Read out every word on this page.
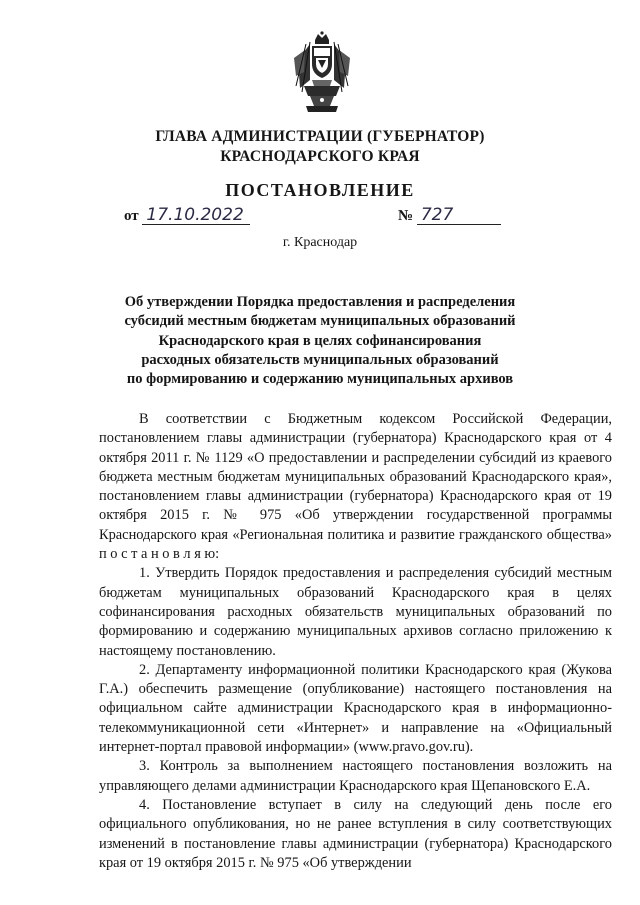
ГЛАВА АДМИНИСТРАЦИИ (ГУБЕРНАТОР)
КРАСНОДАРСКОГО КРАЯ
ПОСТАНОВЛЕНИЕ
от 17.10.2022	№ 727
г. Краснодар
Об утверждении Порядка предоставления и распределения
субсидий местным бюджетам муниципальных образований
Краснодарского края в целях софинансирования
расходных обязательств муниципальных образований
по формированию и содержанию муниципальных архивов

В соответствии с Бюджетным кодексом Российской Федерации, постановлением главы администрации (губернатора) Краснодарского края от 4 октября 2011 г. № 1129 «О предоставлении и распределении субсидий из краевого бюджета местным бюджетам муниципальных образований Краснодарского края», постановлением главы администрации (губернатора) Краснодарского края от 19 октября 2015 г. № 975 «Об утверждении государственной программы Краснодарского края «Региональная политика и развитие гражданского общества» п о с т а н о в л я ю:

1. Утвердить Порядок предоставления и распределения субсидий местным бюджетам муниципальных образований Краснодарского края в целях софинансирования расходных обязательств муниципальных образований по формированию и содержанию муниципальных архивов согласно приложению к настоящему постановлению.

2. Департаменту информационной политики Краснодарского края (Жукова Г.А.) обеспечить размещение (опубликование) настоящего постановления на официальном сайте администрации Краснодарского края в информационно-телекоммуникационной сети «Интернет» и направление на «Официальный интернет-портал правовой информации» (www.pravo.gov.ru).

3. Контроль за выполнением настоящего постановления возложить на управляющего делами администрации Краснодарского края Щепановского Е.А.

4. Постановление вступает в силу на следующий день после его официального опубликования, но не ранее вступления в силу соответствующих изменений в постановление главы администрации (губернатора) Краснодарского края от 19 октября 2015 г. № 975 «Об утверждении
